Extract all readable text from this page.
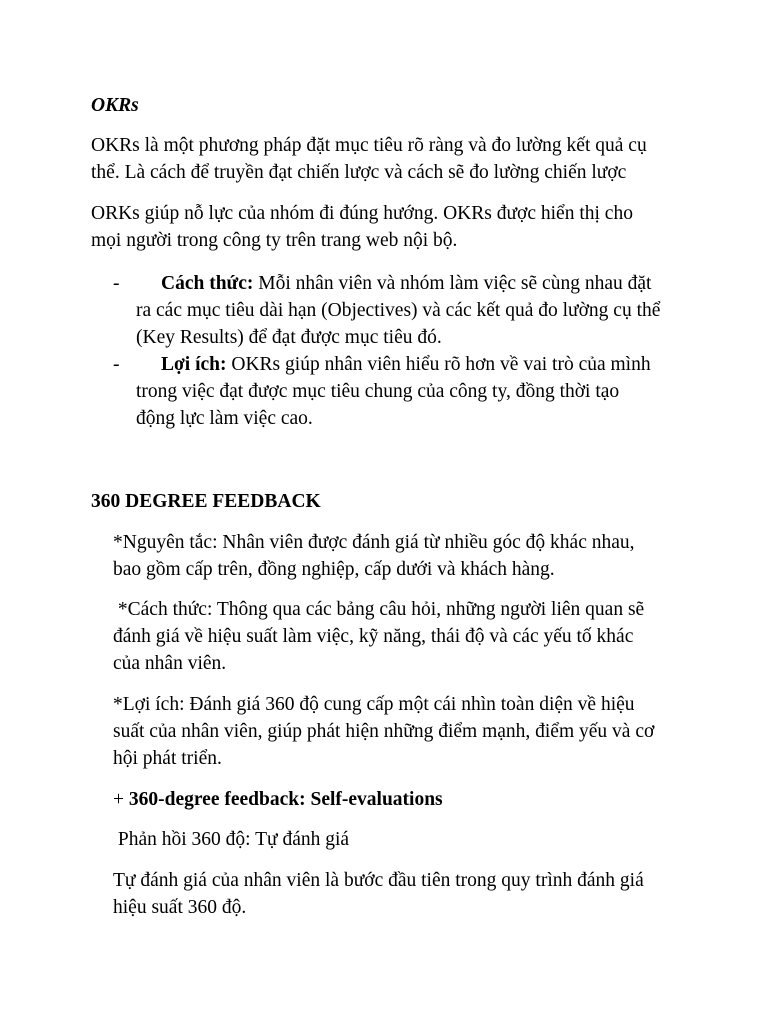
OKRs

OKRs là một phương pháp đặt mục tiêu rõ ràng và đo lường kết quả cụ
thể. Là cách để truyền đạt chiến lược và cách sẽ đo lường chiến lược

ORKs giúp nỗ lực của nhóm đi đúng hướng. OKRs được hiển thị cho
mọi người trong công ty trên trang web nội bộ.

-	Cách thức: Mỗi nhân viên và nhóm làm việc sẽ cùng nhau đặt
ra các mục tiêu dài hạn (Objectives) và các kết quả đo lường cụ thể
(Key Results) để đạt được mục tiêu đó.
-	Lợi ích: OKRs giúp nhân viên hiểu rõ hơn về vai trò của mình
trong việc đạt được mục tiêu chung của công ty, đồng thời tạo
động lực làm việc cao.
360 DEGREE FEEDBACK

*Nguyên tắc: Nhân viên được đánh giá từ nhiều góc độ khác nhau,
bao gồm cấp trên, đồng nghiệp, cấp dưới và khách hàng.

*Cách thức: Thông qua các bảng câu hỏi, những người liên quan sẽ
đánh giá về hiệu suất làm việc, kỹ năng, thái độ và các yếu tố khác
của nhân viên.

*Lợi ích: Đánh giá 360 độ cung cấp một cái nhìn toàn diện về hiệu
suất của nhân viên, giúp phát hiện những điểm mạnh, điểm yếu và cơ
hội phát triển.

+ 360-degree feedback: Self-evaluations
Phản hồi 360 độ: Tự đánh giá

Tự đánh giá của nhân viên là bước đầu tiên trong quy trình đánh giá
hiệu suất 360 độ.
